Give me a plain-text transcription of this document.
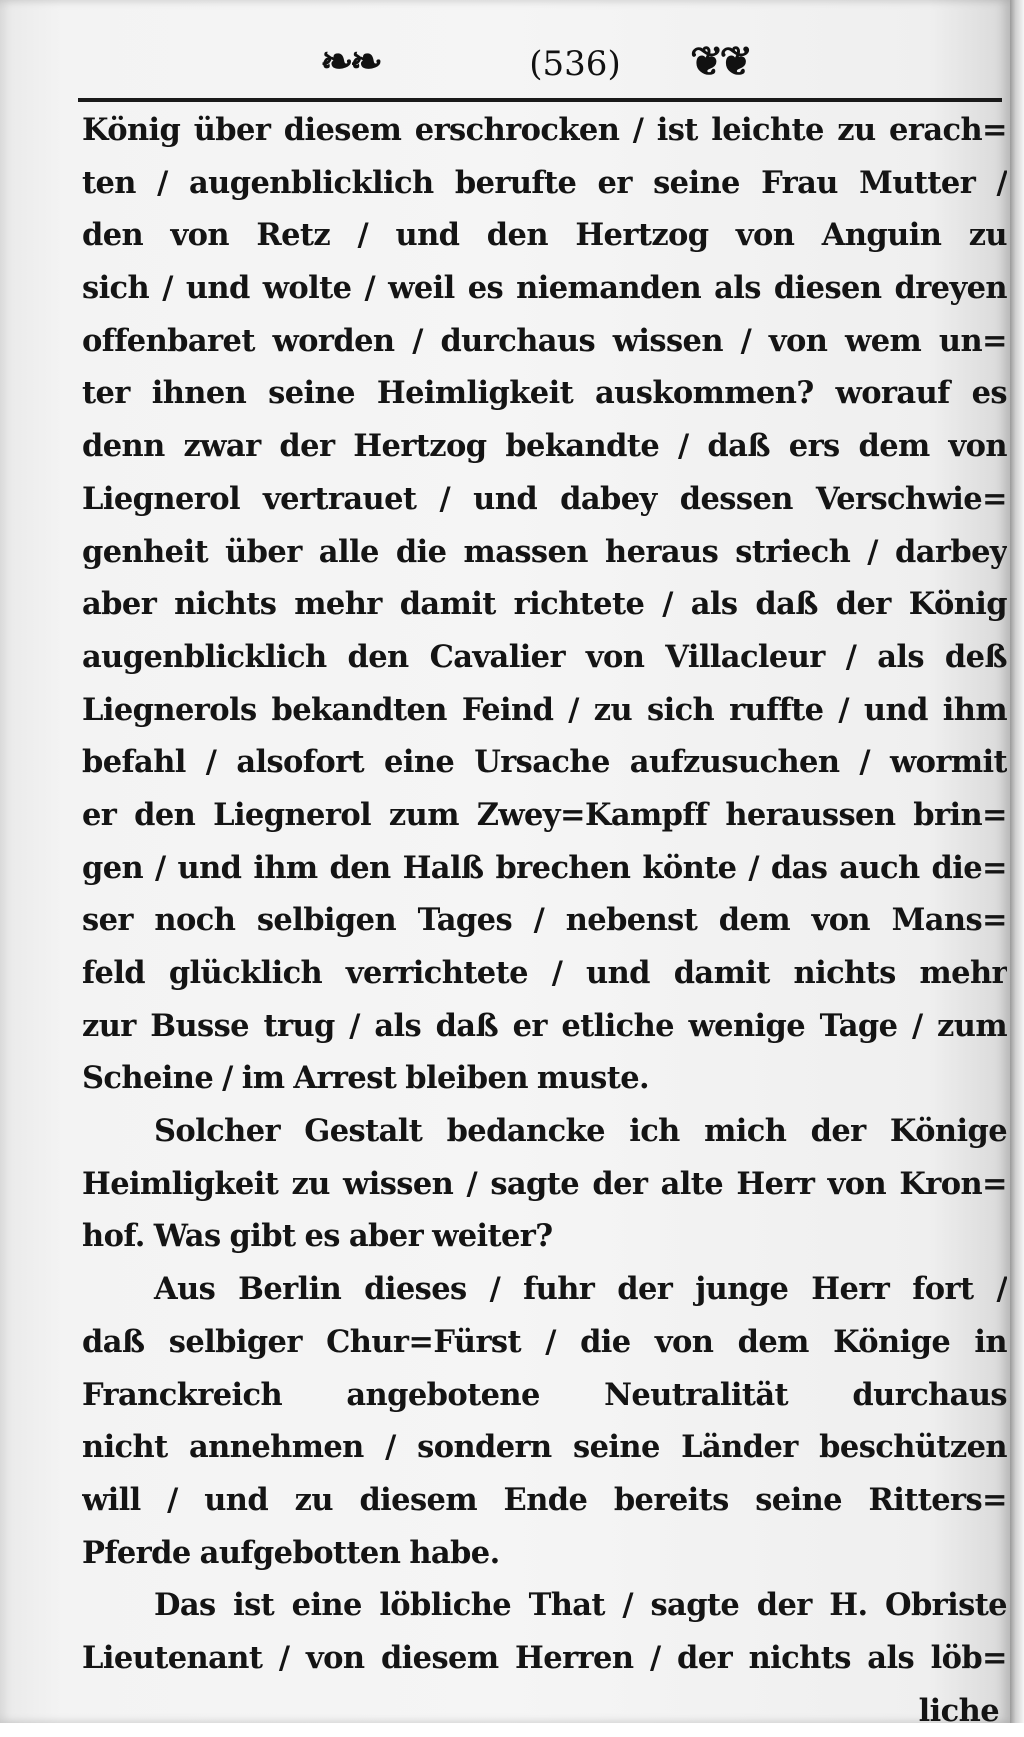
❧❧	(536)	❦❦
König über diesem erschrocken / ist leichte zu erach=
ten / augenblicklich berufte er seine Frau Mutter /
den von Retz / und den Hertzog von Anguin zu
sich / und wolte / weil es niemanden als diesen dreyen
offenbaret worden / durchaus wissen / von wem un=
ter ihnen seine Heimligkeit auskommen? worauf es
denn zwar der Hertzog bekandte / daß ers dem von
Liegnerol vertrauet / und dabey dessen Verschwie=
genheit über alle die massen heraus striech / darbey
aber nichts mehr damit richtete / als daß der König
augenblicklich den Cavalier von Villacleur / als deß
Liegnerols bekandten Feind / zu sich ruffte / und ihm
befahl / alsofort eine Ursache aufzusuchen / wormit
er den Liegnerol zum Zwey=Kampff heraussen brin=
gen / und ihm den Halß brechen könte / das auch die=
ser noch selbigen Tages / nebenst dem von Mans=
feld glücklich verrichtete / und damit nichts mehr
zur Busse trug / als daß er etliche wenige Tage / zum
Scheine / im Arrest bleiben muste.
Solcher Gestalt bedancke ich mich der Könige
Heimligkeit zu wissen / sagte der alte Herr von Kron=
hof. Was gibt es aber weiter?
Aus Berlin dieses / fuhr der junge Herr fort /
daß selbiger Chur=Fürst / die von dem Könige in
Franckreich angebotene Neutralität durchaus
nicht annehmen / sondern seine Länder beschützen
will / und zu diesem Ende bereits seine Ritters=
Pferde aufgebotten habe.
Das ist eine löbliche That / sagte der H. Obriste
Lieutenant / von diesem Herren / der nichts als löb=
liche
